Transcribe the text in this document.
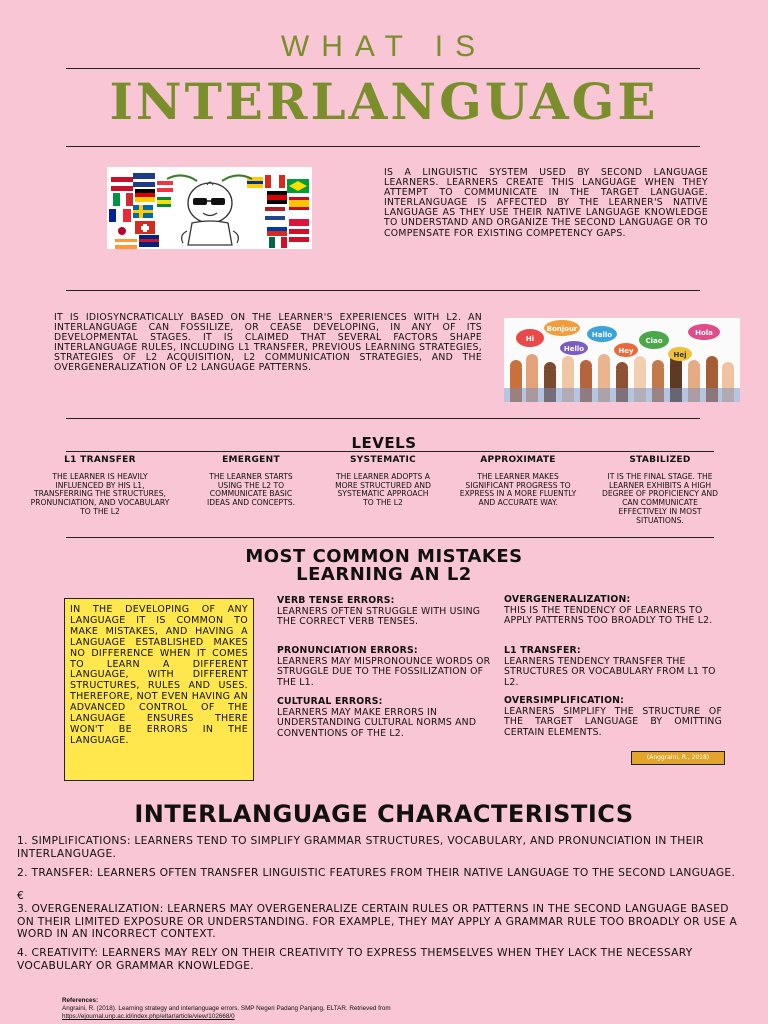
WHAT IS
INTERLANGUAGE
IS A LINGUISTIC SYSTEM USED BY SECOND LANGUAGE LEARNERS. LEARNERS CREATE THIS LANGUAGE WHEN THEY ATTEMPT TO COMMUNICATE IN THE TARGET LANGUAGE. INTERLANGUAGE IS AFFECTED BY THE LEARNER'S NATIVE LANGUAGE AS THEY USE THEIR NATIVE LANGUAGE KNOWLEDGE TO UNDERSTAND AND ORGANIZE THE SECOND LANGUAGE OR TO COMPENSATE FOR EXISTING COMPETENCY GAPS.
IT IS IDIOSYNCRATICALLY BASED ON THE LEARNER'S EXPERIENCES WITH L2. AN INTERLANGUAGE CAN FOSSILIZE, OR CEASE DEVELOPING, IN ANY OF ITS DEVELOPMENTAL STAGES. IT IS CLAIMED THAT SEVERAL FACTORS SHAPE INTERLANGUAGE RULES, INCLUDING L1 TRANSFER, PREVIOUS LEARNING STRATEGIES, STRATEGIES OF L2 ACQUISITION, L2 COMMUNICATION STRATEGIES, AND THE OVERGENERALIZATION OF L2 LANGUAGE PATTERNS.
Hi
Bonjour
Hallo
Ciao
Hola
Hello
Hej
Hey
LEVELS
L1 TRANSFER
THE LEARNER IS HEAVILY INFLUENCED BY HIS L1, TRANSFERRING THE STRUCTURES, PRONUNCIATION, AND VOCABULARY TO THE L2
EMERGENT
THE LEARNER STARTS USING THE L2 TO COMMUNICATE BASIC IDEAS AND CONCEPTS.
SYSTEMATIC
THE LEARNER ADOPTS A MORE STRUCTURED AND SYSTEMATIC APPROACH TO THE L2
APPROXIMATE
THE LEARNER MAKES SIGNIFICANT PROGRESS TO EXPRESS IN A MORE FLUENTLY AND ACCURATE WAY.
STABILIZED
IT IS THE FINAL STAGE. THE LEARNER EXHIBITS A HIGH DEGREE OF PROFICIENCY AND CAN COMMUNICATE EFFECTIVELY IN MOST SITUATIONS.
MOST COMMON MISTAKES
LEARNING AN L2

IN THE DEVELOPING OF ANY LANGUAGE IT IS COMMON TO MAKE MISTAKES, AND HAVING A LANGUAGE ESTABLISHED MAKES NO DIFFERENCE WHEN IT COMES TO LEARN A DIFFERENT LANGUAGE, WITH DIFFERENT STRUCTURES, RULES AND USES. THEREFORE, NOT EVEN HAVING AN ADVANCED CONTROL OF THE LANGUAGE ENSURES THERE WON'T BE ERRORS IN THE LANGUAGE.

VERB TENSE ERRORS:

LEARNERS OFTEN STRUGGLE WITH USING THE CORRECT VERB TENSES.

PRONUNCIATION ERRORS:

LEARNERS MAY MISPRONOUNCE WORDS OR STRUGGLE DUE TO THE FOSSILIZATION OF THE L1.

CULTURAL ERRORS:

LEARNERS MAY MAKE ERRORS IN UNDERSTANDING CULTURAL NORMS AND CONVENTIONS OF THE L2.

OVERGENERALIZATION:

THIS IS THE TENDENCY OF LEARNERS TO APPLY PATTERNS TOO BROADLY TO THE L2.

L1 TRANSFER:

LEARNERS TENDENCY TRANSFER THE STRUCTURES OR VOCABULARY FROM L1 TO L2.

OVERSIMPLIFICATION:

LEARNERS SIMPLIFY THE STRUCTURE OF THE TARGET LANGUAGE BY OMITTING CERTAIN ELEMENTS.

(Anggraini, R., 2018)
INTERLANGUAGE CHARACTERISTICS
1. SIMPLIFICATIONS: LEARNERS TEND TO SIMPLIFY GRAMMAR STRUCTURES, VOCABULARY, AND PRONUNCIATION IN THEIR INTERLANGUAGE.
2. TRANSFER: LEARNERS OFTEN TRANSFER LINGUISTIC FEATURES FROM THEIR NATIVE LANGUAGE TO THE SECOND LANGUAGE.
€
3. OVERGENERALIZATION: LEARNERS MAY OVERGENERALIZE CERTAIN RULES OR PATTERNS IN THE SECOND LANGUAGE BASED ON THEIR LIMITED EXPOSURE OR UNDERSTANDING. FOR EXAMPLE, THEY MAY APPLY A GRAMMAR RULE TOO BROADLY OR USE A WORD IN AN INCORRECT CONTEXT.
4. CREATIVITY: LEARNERS MAY RELY ON THEIR CREATIVITY TO EXPRESS THEMSELVES WHEN THEY LACK THE NECESSARY VOCABULARY OR GRAMMAR KNOWLEDGE.
References:
Angraini, R. (2018). Learning strategy and interlanguage errors. SMP Negeri Padang Panjang, ELTAR. Retrieved from
https://ejournal.unp.ac.id/index.php/eltar/article/view/102668/0
